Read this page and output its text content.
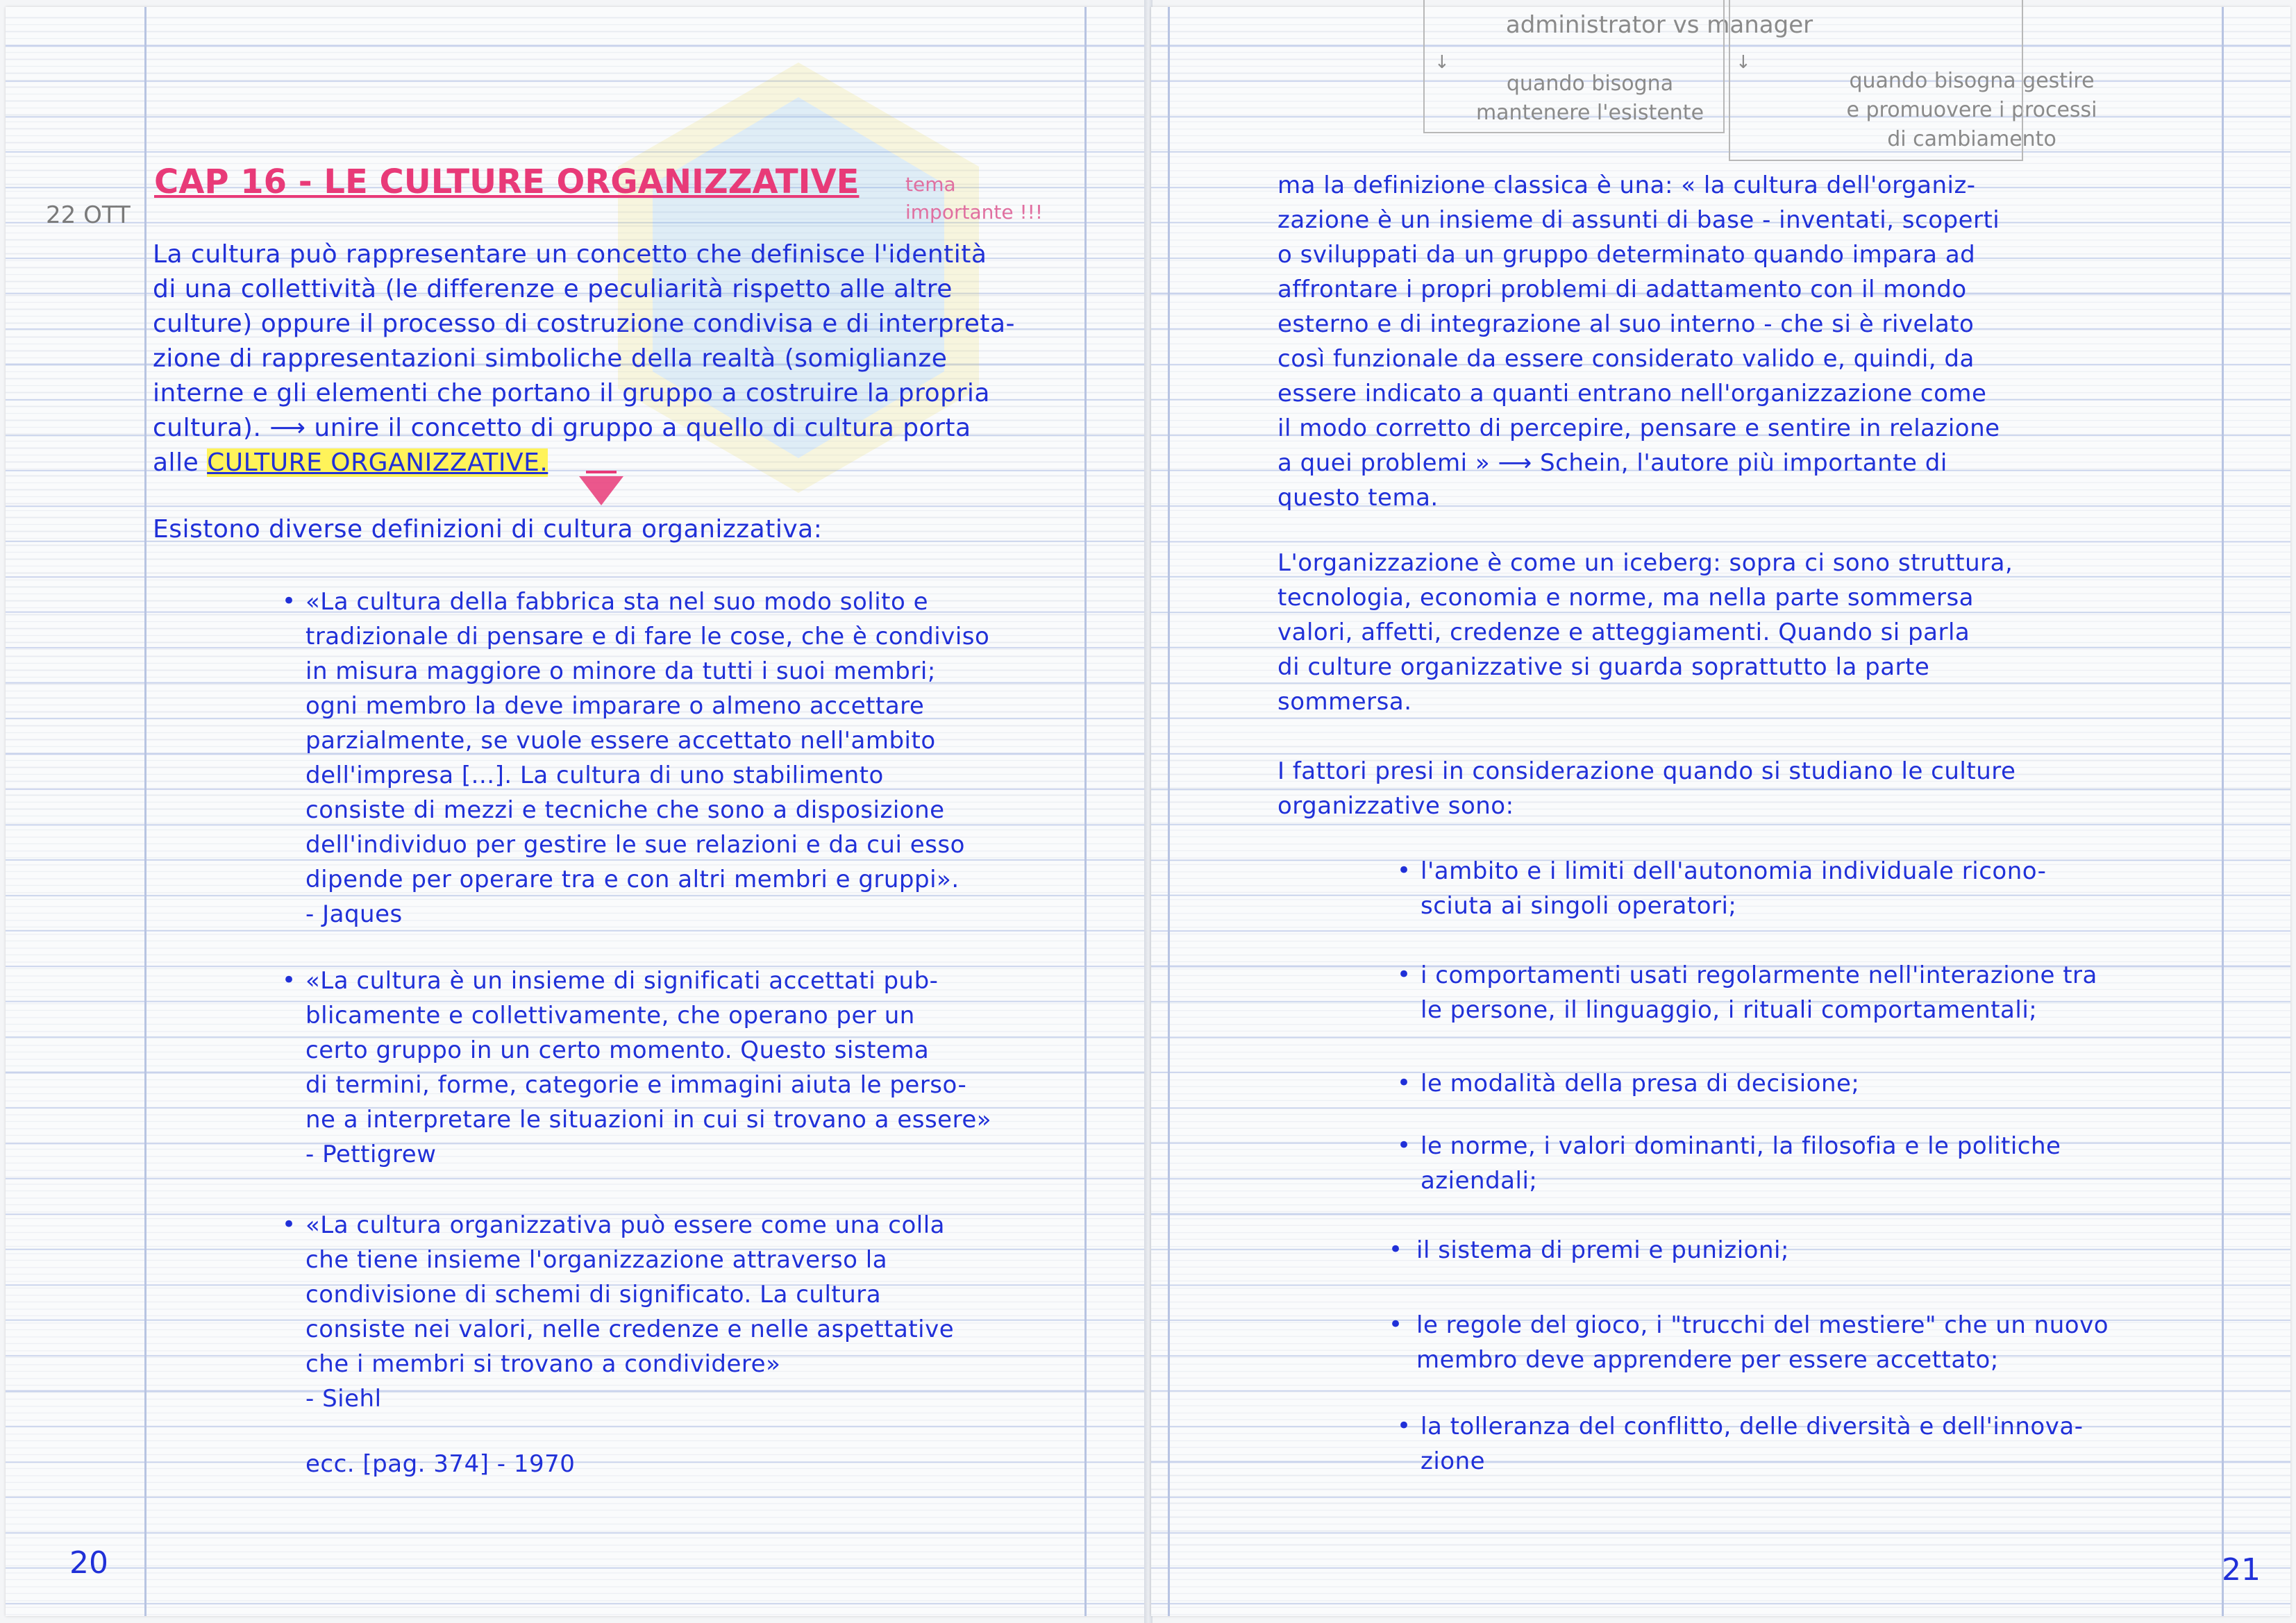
22 OTT
CAP 16 - LE CULTURE ORGANIZZATIVE tema importante !!!
La cultura può rappresentare un concetto che definisce l'identità
di una collettività (le differenze e peculiarità rispetto alle altre
culture) oppure il processo di costruzione condivisa e di interpreta-
zione di rappresentazioni simboliche della realtà (somiglianze
interne e gli elementi che portano il gruppo a costruire la propria
cultura). ⟶ unire il concetto di gruppo a quello di cultura porta
alle CULTURE ORGANIZZATIVE.
Esistono diverse definizioni di cultura organizzativa:
• «La cultura della fabbrica sta nel suo modo solito e
tradizionale di pensare e di fare le cose, che è condiviso
in misura maggiore o minore da tutti i suoi membri;
ogni membro la deve imparare o almeno accettare
parzialmente, se vuole essere accettato nell'ambito
dell'impresa [...]. La cultura di uno stabilimento
consiste di mezzi e tecniche che sono a disposizione
dell'individuo per gestire le sue relazioni e da cui esso
dipende per operare tra e con altri membri e gruppi».
- Jaques
• «La cultura è un insieme di significati accettati pub-
blicamente e collettivamente, che operano per un
certo gruppo in un certo momento. Questo sistema
di termini, forme, categorie e immagini aiuta le perso-
ne a interpretare le situazioni in cui si trovano a essere»
- Pettigrew
• «La cultura organizzativa può essere come una colla
che tiene insieme l'organizzazione attraverso la
condivisione di schemi di significato. La cultura
consiste nei valori, nelle credenze e nelle aspettative
che i membri si trovano a condividere»
- Siehl
ecc. [pag. 374] - 1970
20
administrator vs manager
↓	↓
quando bisogna
mantenere l'esistente
quando bisogna gestire
e promuovere i processi
di cambiamento
ma la definizione classica è una: « la cultura dell'organiz-
zazione è un insieme di assunti di base - inventati, scoperti
o sviluppati da un gruppo determinato quando impara ad
affrontare i propri problemi di adattamento con il mondo
esterno e di integrazione al suo interno - che si è rivelato
così funzionale da essere considerato valido e, quindi, da
essere indicato a quanti entrano nell'organizzazione come
il modo corretto di percepire, pensare e sentire in relazione
a quei problemi » ⟶ Schein, l'autore più importante di
questo tema.
L'organizzazione è come un iceberg: sopra ci sono struttura,
tecnologia, economia e norme, ma nella parte sommersa
valori, affetti, credenze e atteggiamenti. Quando si parla
di culture organizzative si guarda soprattutto la parte
sommersa.
I fattori presi in considerazione quando si studiano le culture
organizzative sono:
• l'ambito e i limiti dell'autonomia individuale ricono-
sciuta ai singoli operatori;
• i comportamenti usati regolarmente nell'interazione tra
le persone, il linguaggio, i rituali comportamentali;
• le modalità della presa di decisione;
• le norme, i valori dominanti, la filosofia e le politiche
aziendali;
• il sistema di premi e punizioni;
• le regole del gioco, i "trucchi del mestiere" che un nuovo
membro deve apprendere per essere accettato;
• la tolleranza del conflitto, delle diversità e dell'innova-
zione
21
